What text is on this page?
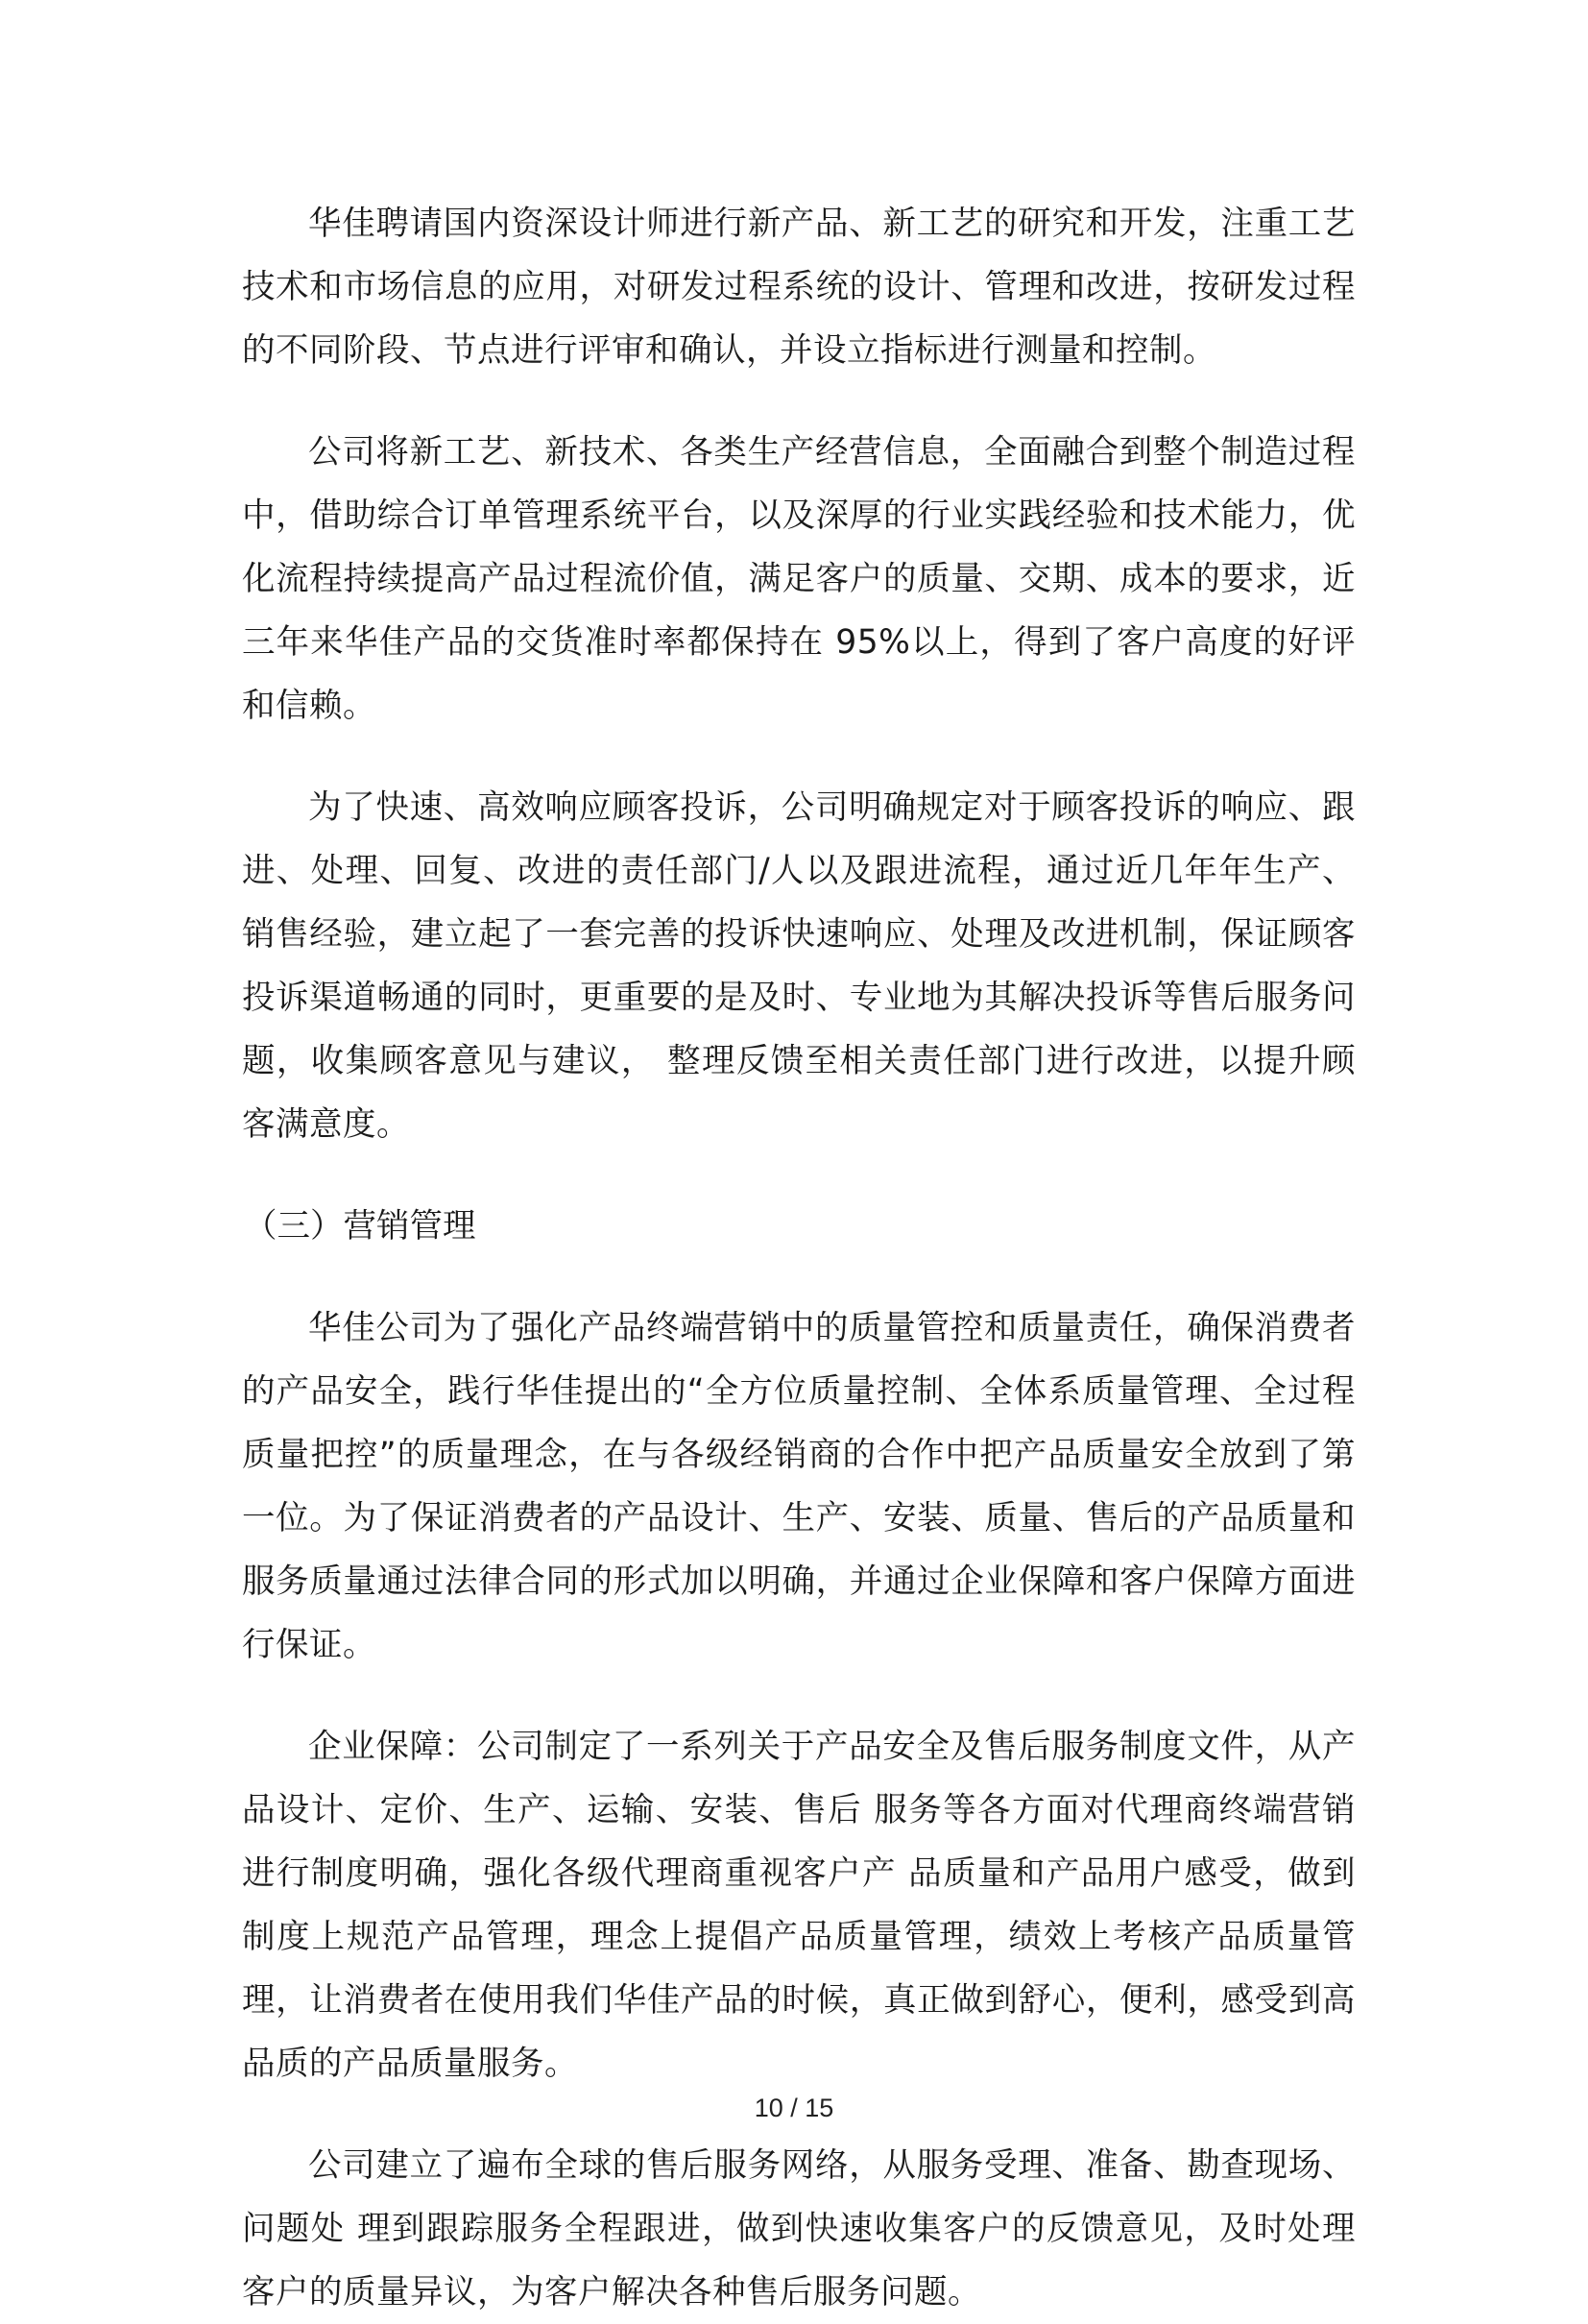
华佳聘请国内资深设计师进行新产品、新工艺的研究和开发，注重工艺技术和市场信息的应用，对研发过程系统的设计、管理和改进，按研发过程的不同阶段、节点进行评审和确认，并设立指标进行测量和控制。

公司将新工艺、新技术、各类生产经营信息，全面融合到整个制造过程中，借助综合订单管理系统平台，以及深厚的行业实践经验和技术能力，优化流程持续提高产品过程流价值，满足客户的质量、交期、成本的要求，近三年来华佳产品的交货准时率都保持在 95%以上，得到了客户高度的好评和信赖。

为了快速、高效响应顾客投诉，公司明确规定对于顾客投诉的响应、跟进、处理、回复、改进的责任部门/人以及跟进流程，通过近几年年生产、销售经验，建立起了一套完善的投诉快速响应、处理及改进机制，保证顾客投诉渠道畅通的同时，更重要的是及时、专业地为其解决投诉等售后服务问题，收集顾客意见与建议， 整理反馈至相关责任部门进行改进，以提升顾客满意度。

（三）营销管理

华佳公司为了强化产品终端营销中的质量管控和质量责任，确保消费者的产品安全，践行华佳提出的“全方位质量控制、全体系质量管理、全过程质量把控”的质量理念，在与各级经销商的合作中把产品质量安全放到了第一位。为了保证消费者的产品设计、生产、安装、质量、售后的产品质量和 服务质量通过法律合同的形式加以明确，并通过企业保障和客户保障方面进行保证。

企业保障：公司制定了一系列关于产品安全及售后服务制度文件，从产品设计、定价、生产、运输、安装、售后 服务等各方面对代理商终端营销进行制度明确，强化各级代理商重视客户产 品质量和产品用户感受，做到制度上规范产品管理，理念上提倡产品质量管理，绩效上考核产品质量管理，让消费者在使用我们华佳产品的时候，真正做到舒心，便利，感受到高品质的产品质量服务。

公司建立了遍布全球的售后服务网络，从服务受理、准备、勘查现场、问题处 理到跟踪服务全程跟进，做到快速收集客户的反馈意见，及时处理客户的质量异议，为客户解决各种售后服务问题。

10 / 15
